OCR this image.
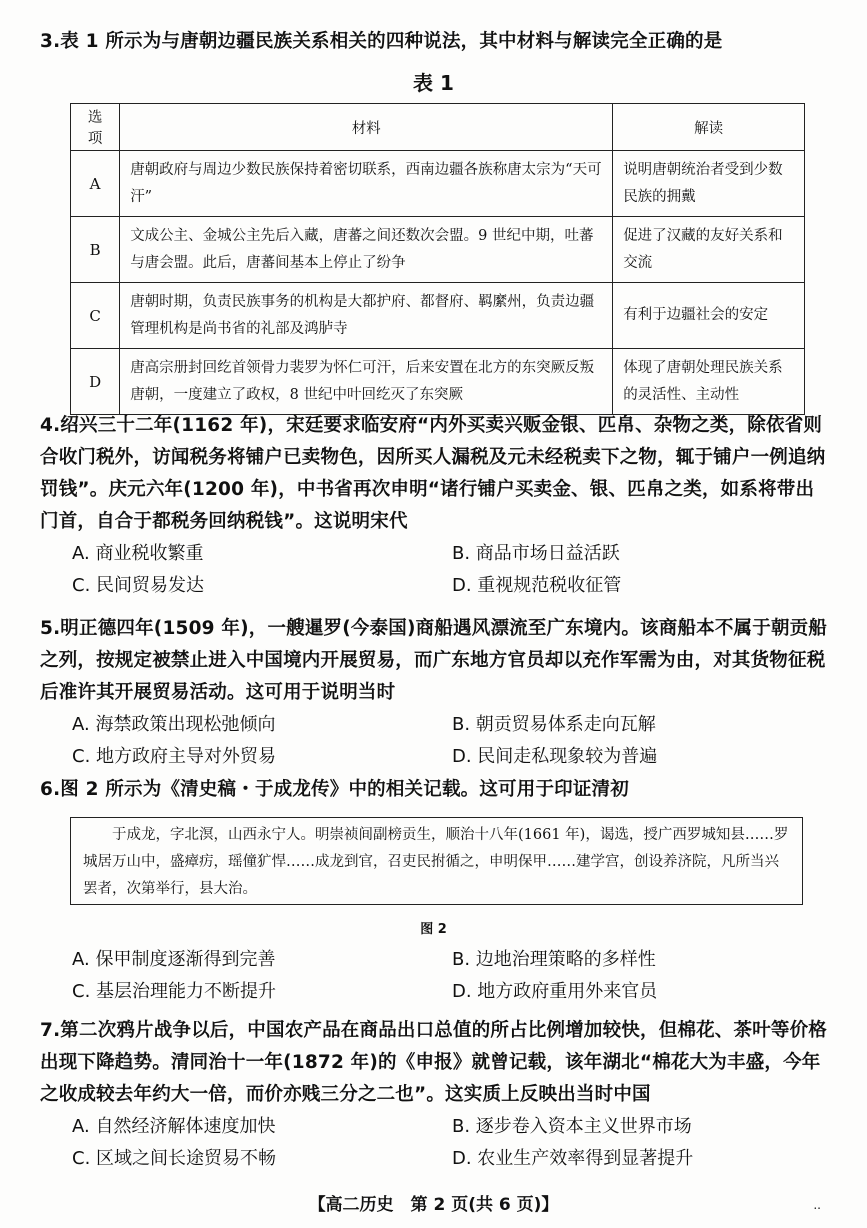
3.表 1 所示为与唐朝边疆民族关系相关的四种说法，其中材料与解读完全正确的是

表 1
选项	材料	解读
A	唐朝政府与周边少数民族保持着密切联系，西南边疆各族称唐太宗为“天可汗”	说明唐朝统治者受到少数民族的拥戴
B	文成公主、金城公主先后入藏，唐蕃之间还数次会盟。9 世纪中期，吐蕃与唐会盟。此后，唐蕃间基本上停止了纷争	促进了汉藏的友好关系和交流
C	唐朝时期，负责民族事务的机构是大都护府、都督府、羁縻州，负责边疆管理机构是尚书省的礼部及鸿胪寺	有利于边疆社会的安定
D	唐高宗册封回纥首领骨力裴罗为怀仁可汗，后来安置在北方的东突厥反叛唐朝，一度建立了政权，8 世纪中叶回纥灭了东突厥	体现了唐朝处理民族关系的灵活性、主动性

4.绍兴三十二年(1162 年)，宋廷要求临安府“内外买卖兴贩金银、匹帛、杂物之类，除依省则合收门税外，访闻税务将铺户已卖物色，因所买人漏税及元未经税卖下之物，辄于铺户一例追纳罚钱”。庆元六年(1200 年)，中书省再次申明“诸行铺户买卖金、银、匹帛之类，如系将带出门首，自合于都税务回纳税钱”。这说明宋代

A. 商业税收繁重	B. 商品市场日益活跃
C. 民间贸易发达	D. 重视规范税收征管

5.明正德四年(1509 年)，一艘暹罗(今泰国)商船遇风漂流至广东境内。该商船本不属于朝贡船之列，按规定被禁止进入中国境内开展贸易，而广东地方官员却以充作军需为由，对其货物征税后准许其开展贸易活动。这可用于说明当时

A. 海禁政策出现松弛倾向	B. 朝贡贸易体系走向瓦解
C. 地方政府主导对外贸易	D. 民间走私现象较为普遍

6.图 2 所示为《清史稿・于成龙传》中的相关记载。这可用于印证清初

于成龙，字北溟，山西永宁人。明崇祯间副榜贡生，顺治十八年(1661 年)，谒选，授广西罗城知县……罗城居万山中，盛瘴疠，瑶僮犷悍……成龙到官，召吏民拊循之，申明保甲……建学宫，创设养济院，凡所当兴罢者，次第举行，县大治。
图 2
A. 保甲制度逐渐得到完善	B. 边地治理策略的多样性
C. 基层治理能力不断提升	D. 地方政府重用外来官员

7.第二次鸦片战争以后，中国农产品在商品出口总值的所占比例增加较快，但棉花、茶叶等价格出现下降趋势。清同治十一年(1872 年)的《申报》就曾记载，该年湖北“棉花大为丰盛，今年之收成较去年约大一倍，而价亦贱三分之二也”。这实质上反映出当时中国

A. 自然经济解体速度加快	B. 逐步卷入资本主义世界市场
C. 区域之间长途贸易不畅	D. 农业生产效率得到显著提升
【高二历史　第 2 页(共 6 页)】	..
